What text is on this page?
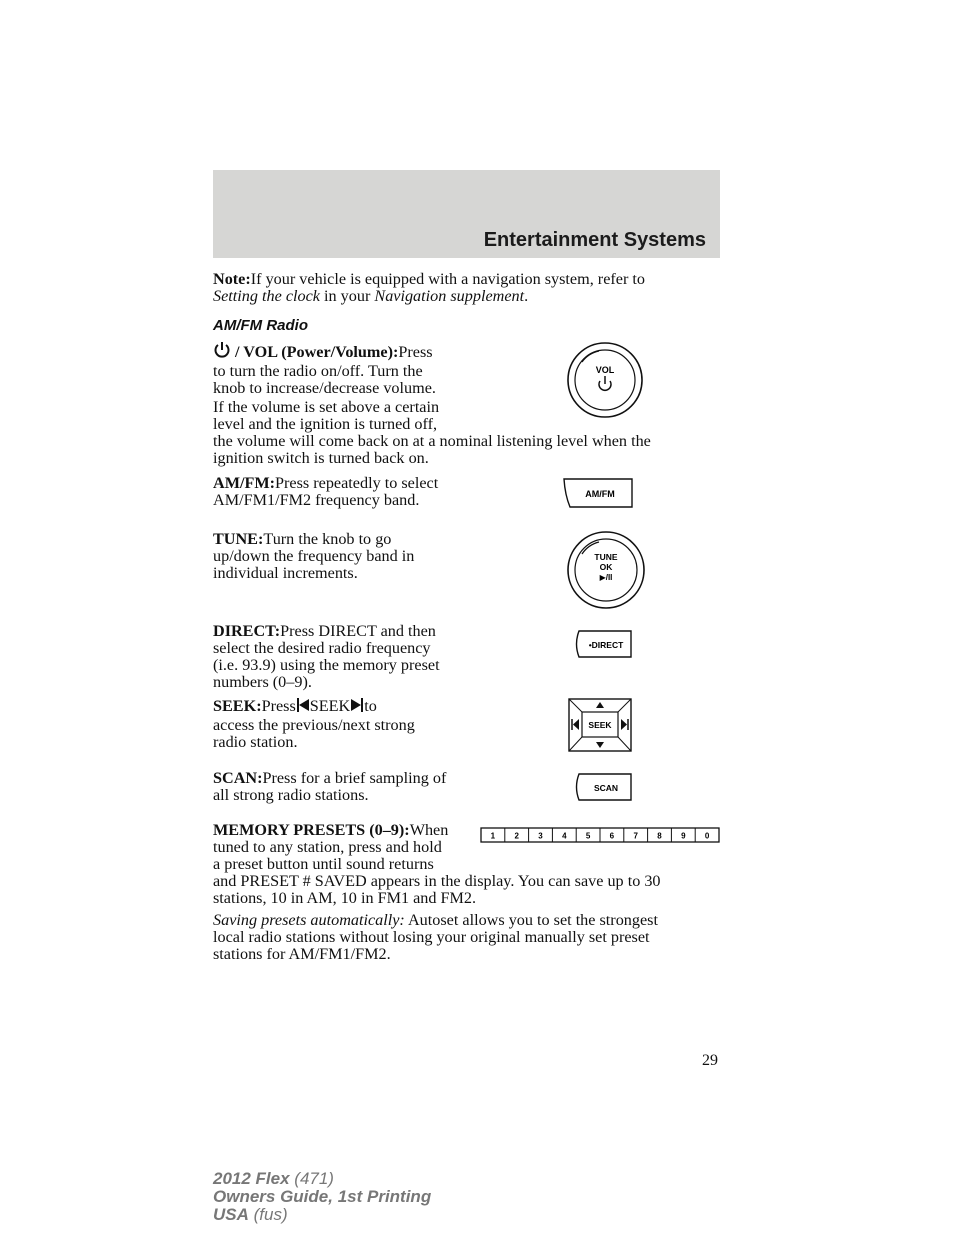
Entertainment Systems

Note:If your vehicle is equipped with a navigation system, refer to
Setting the clock in your Navigation supplement.

AM/FM Radio

/ VOL (Power/Volume):Press
to turn the radio on/off. Turn the
knob to increase/decrease volume.

If the volume is set above a certain
level and the ignition is turned off,
the volume will come back on at a nominal listening level when the
ignition switch is turned back on.

VOL

AM/FM:Press repeatedly to select
AM/FM1/FM2 frequency band.	AM/FM

TUNE:Turn the knob to go
up/down the frequency band in
individual increments.

TUNE
OK
▶/II

DIRECT:Press DIRECT and then
select the desired radio frequency
(i.e. 93.9) using the memory preset
numbers (0–9).

•DIRECT

SEEK:Press SEEK to
access the previous/next strong
radio station.

SEEK

SCAN:Press for a brief sampling of
all strong radio stations.	SCAN

MEMORY PRESETS (0–9):When
tuned to any station, press and hold
a preset button until sound returns
and PRESET # SAVED appears in the display. You can save up to 30
stations, 10 in AM, 10 in FM1 and FM2.

1 2 3 4 5 6 7 8 9 0

Saving presets automatically: Autoset allows you to set the strongest
local radio stations without losing your original manually set preset
stations for AM/FM1/FM2.

29
2012 Flex (471)
Owners Guide, 1st Printing
USA (fus)
